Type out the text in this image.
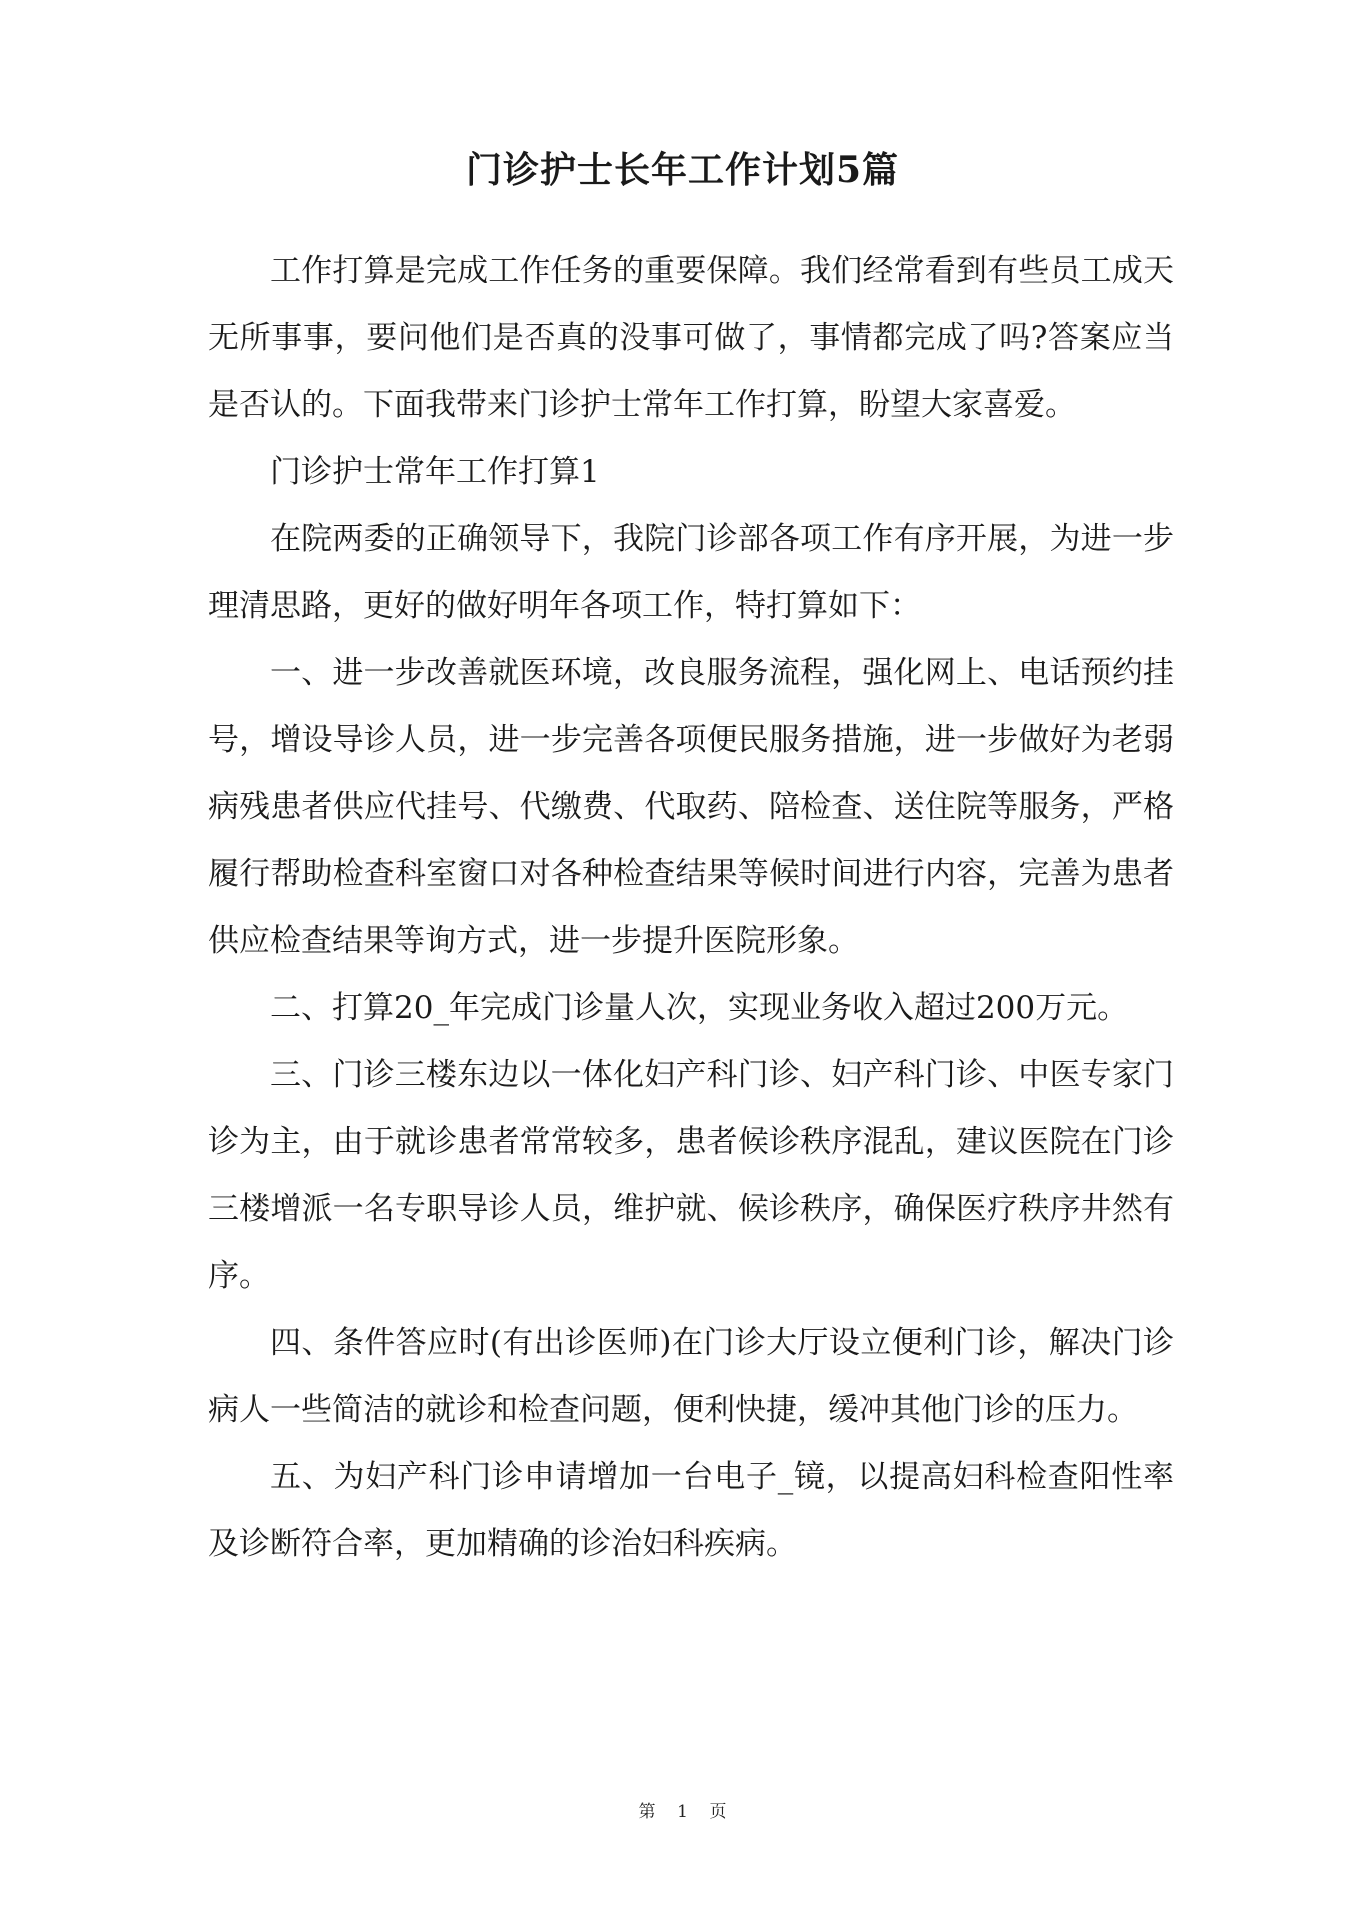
门诊护士长年工作计划5篇

工作打算是完成工作任务的重要保障。我们经常看到有些员工成天无所事事，要问他们是否真的没事可做了，事情都完成了吗?答案应当是否认的。下面我带来门诊护士常年工作打算，盼望大家喜爱。

门诊护士常年工作打算1

在院两委的正确领导下，我院门诊部各项工作有序开展，为进一步理清思路，更好的做好明年各项工作，特打算如下：

一、进一步改善就医环境，改良服务流程，强化网上、电话预约挂号，增设导诊人员，进一步完善各项便民服务措施，进一步做好为老弱病残患者供应代挂号、代缴费、代取药、陪检查、送住院等服务，严格履行帮助检查科室窗口对各种检查结果等候时间进行内容，完善为患者供应检查结果等询方式，进一步提升医院形象。

二、打算20_年完成门诊量人次，实现业务收入超过200万元。

三、门诊三楼东边以一体化妇产科门诊、妇产科门诊、中医专家门诊为主，由于就诊患者常常较多，患者候诊秩序混乱，建议医院在门诊三楼增派一名专职导诊人员，维护就、候诊秩序，确保医疗秩序井然有序。

四、条件答应时(有出诊医师)在门诊大厅设立便利门诊，解决门诊病人一些简洁的就诊和检查问题，便利快捷，缓冲其他门诊的压力。

五、为妇产科门诊申请增加一台电子_镜，以提高妇科检查阳性率及诊断符合率，更加精确的诊治妇科疾病。

第 1 页
